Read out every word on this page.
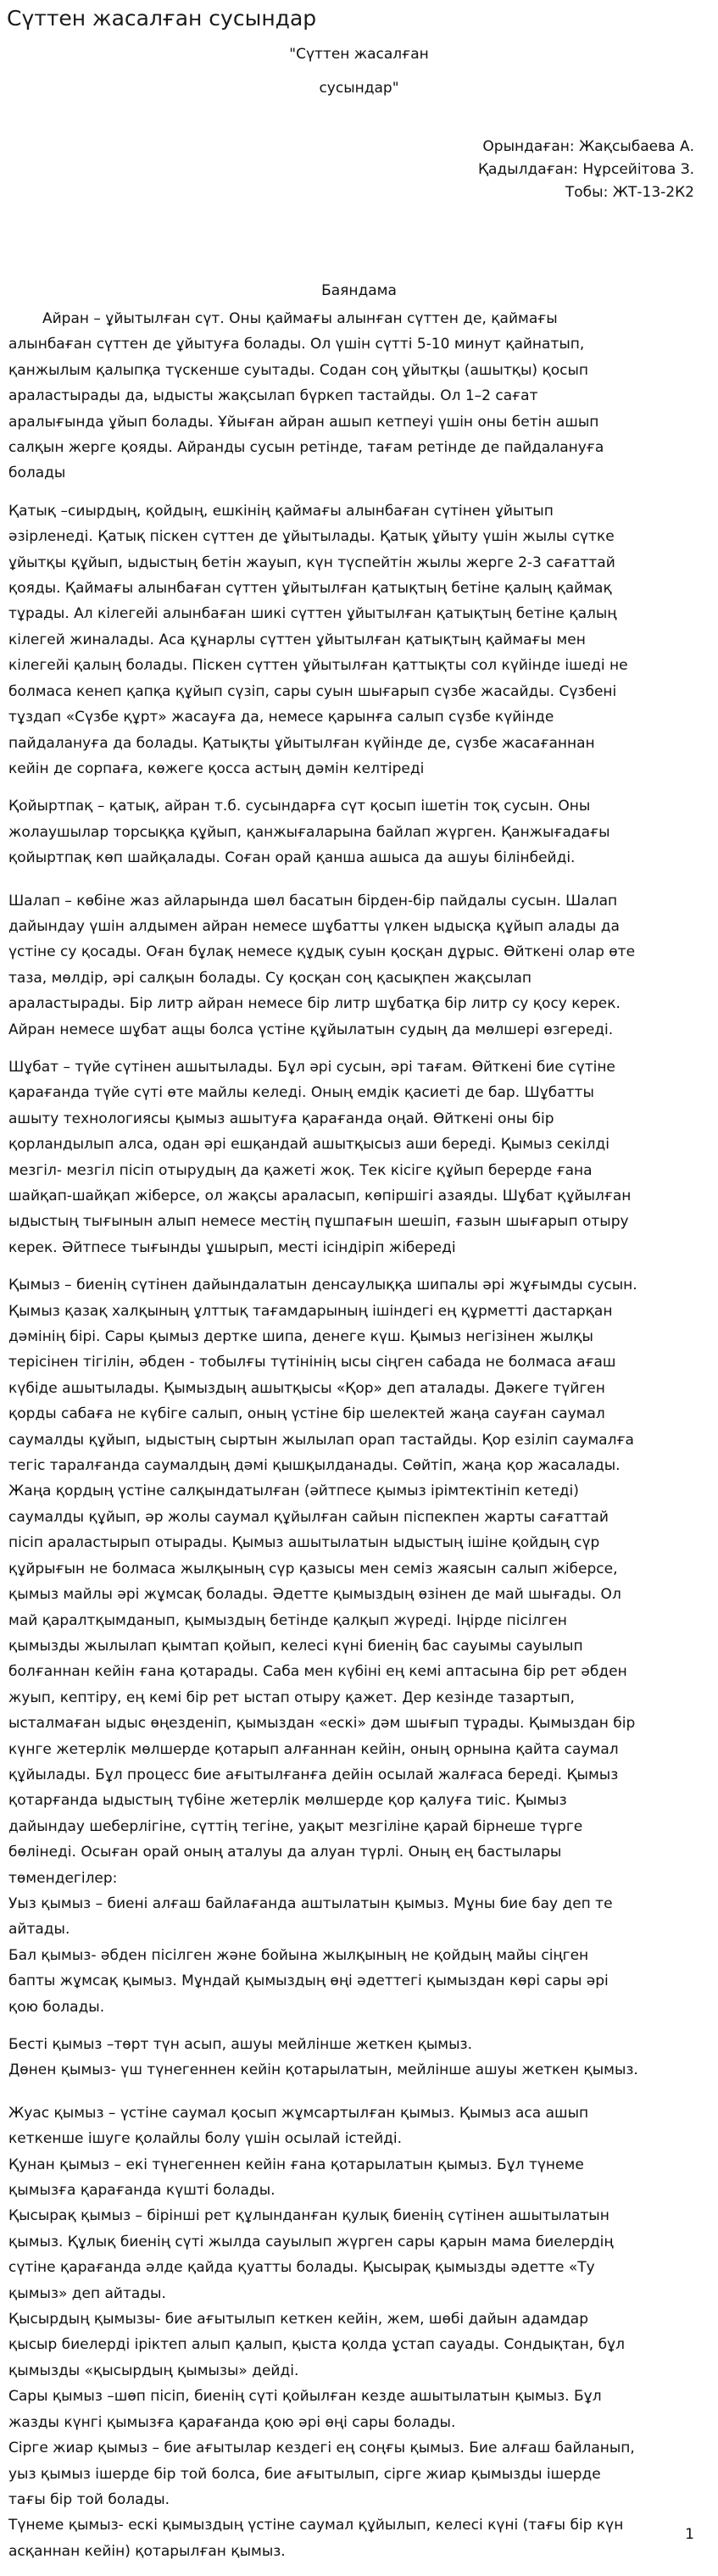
Сүттен жасалған сусындар
"Сүттен жасалған
сусындар"
Орындаған: Жақсыбаева А.
Қадылдаған: Нұрсейітова З.
Тобы: ЖТ-13-2К2
Баяндама

Айран – ұйытылған сүт. Оны қаймағы алынған сүттен де, қаймағы
алынбаған сүттен де ұйытуға болады. Ол үшін сүтті 5-10 минут қайнатып,
қанжылым қалыпқа түскенше суытады. Содан соң ұйытқы (ашытқы) қосып
араластырады да, ыдысты жақсылап бүркеп тастайды. Ол 1–2 сағат
аралығында ұйып болады. Ұйыған айран ашып кетпеуі үшін оны бетін ашып
салқын жерге қояды. Айранды сусын ретінде, тағам ретінде де пайдалануға
болады

Қатық –сиырдың, қойдың, ешкінің қаймағы алынбаған сүтінен ұйытып
әзірленеді. Қатық піскен сүттен де ұйытылады. Қатық ұйыту үшін жылы сүтке
ұйытқы құйып, ыдыстың бетін жауып, күн түспейтін жылы жерге 2-3 сағаттай
қояды. Қаймағы алынбаған сүттен ұйытылған қатықтың бетіне қалың қаймақ
тұрады. Ал кілегейі алынбаған шикі сүттен ұйытылған қатықтың бетіне қалың
кілегей жиналады. Аса құнарлы сүттен ұйытылған қатықтың қаймағы мен
кілегейі қалың болады. Піскен сүттен ұйытылған қаттықты сол күйінде ішеді не
болмаса кенеп қапқа құйып сүзіп, сары суын шығарып сүзбе жасайды. Сүзбені
тұздап «Сүзбе құрт» жасауға да, немесе қарынға салып сүзбе күйінде
пайдалануға да болады. Қатықты ұйытылған күйінде де, сүзбе жасағаннан
кейін де сорпаға, көжеге қосса астың дәмін келтіреді

Қойыртпақ – қатық, айран т.б. сусындарға сүт қосып ішетін тоқ сусын. Оны
жолаушылар торсыққа құйып, қанжығаларына байлап жүрген. Қанжығадағы
қойыртпақ көп шайқалады. Соған орай қанша ашыса да ашуы білінбейді.

Шалап – көбіне жаз айларында шөл басатын бірден-бір пайдалы сусын. Шалап
дайындау үшін алдымен айран немесе шұбатты үлкен ыдысқа құйып алады да
үстіне су қосады. Оған бұлақ немесе құдық суын қосқан дұрыс. Өйткені олар өте
таза, мөлдір, әрі салқын болады. Су қосқан соң қасықпен жақсылап
араластырады. Бір литр айран немесе бір литр шұбатқа бір литр су қосу керек.
Айран немесе шұбат ащы болса үстіне құйылатын судың да мөлшері өзгереді.

Шұбат – түйе сүтінен ашытылады. Бұл әрі сусын, әрі тағам. Өйткені бие сүтіне
қарағанда түйе сүті өте майлы келеді. Оның емдік қасиеті де бар. Шұбатты
ашыту технологиясы қымыз ашытуға қарағанда оңай. Өйткені оны бір
қорландылып алса, одан әрі ешқандай ашытқысыз аши береді. Қымыз секілді
мезгіл- мезгіл пісіп отырудың да қажеті жоқ. Тек кісіге құйып берерде ғана
шайқап-шайқап жіберсе, ол жақсы араласып, көпіршігі азаяды. Шұбат құйылған
ыдыстың тығынын алып немесе местің пұшпағын шешіп, ғазын шығарып отыру
керек. Әйтпесе тығынды ұшырып, месті ісіндіріп жібереді

Қымыз – биенің сүтінен дайындалатын денсаулыққа шипалы әрі жұғымды сусын.
Қымыз қазақ халқының ұлттық тағамдарының ішіндегі ең құрметті дастарқан
дәмінің бірі. Сары қымыз дертке шипа, денеге күш. Қымыз негізінен жылқы
терісінен тігілін, әбден - тобылғы түтінінің ысы сіңген сабада не болмаса ағаш
күбіде ашытылады. Қымыздың ашытқысы «Қор» деп аталады. Дәкеге түйген
қорды сабаға не күбіге салып, оның үстіне бір шелектей жаңа сауған саумал
саумалды құйып, ыдыстың сыртын жылылап орап тастайды. Қор езіліп саумалға
тегіс таралғанда саумалдың дәмі қышқылданады. Сөйтіп, жаңа қор жасалады.
Жаңа қордың үстіне салқындатылған (әйтпесе қымыз ірімтектініп кетеді)
саумалды құйып, әр жолы саумал құйылған сайын піспекпен жарты сағаттай
пісіп араластырып отырады. Қымыз ашытылатын ыдыстың ішіне қойдың сүр
құйрығын не болмаса жылқының сүр қазысы мен семіз жаясын салып жіберсе,
қымыз майлы әрі жұмсақ болады. Әдетте қымыздың өзінен де май шығады. Ол
май қаралтқымданып, қымыздың бетінде қалқып жүреді. Іңірде пісілген
қымызды жылылап қымтап қойып, келесі күні биенің бас сауымы сауылып
болғаннан кейін ғана қотарады. Саба мен күбіні ең кемі аптасына бір рет әбден
жуып, кептіру, ең кемі бір рет ыстап отыру қажет. Дер кезінде тазартып,
ысталмаған ыдыс өңезденіп, қымыздан «ескі» дәм шығып тұрады. Қымыздан бір
күнге жетерлік мөлшерде қотарып алғаннан кейін, оның орнына қайта саумал
құйылады. Бұл процесс бие ағытылғанға дейін осылай жалғаса береді. Қымыз
қотарғанда ыдыстың түбіне жетерлік мөлшерде қор қалуға тиіс. Қымыз
дайындау шеберлігіне, сүттің тегіне, уақыт мезгіліне қарай бірнеше түрге
бөлінеді. Осыған орай оның аталуы да алуан түрлі. Оның ең бастылары
төмендегілер:
Уыз қымыз – биені алғаш байлағанда аштылатын қымыз. Мұны бие бау деп те
айтады.
Бал қымыз- әбден пісілген және бойына жылқының не қойдың майы сіңген
бапты жұмсақ қымыз. Мұндай қымыздың өңі әдеттегі қымыздан көрі сары әрі
қою болады.

Бесті қымыз –төрт түн асып, ашуы мейлінше жеткен қымыз.
Дөнен қымыз- үш түнегеннен кейін қотарылатын, мейлінше ашуы жеткен қымыз.

Жуас қымыз – үстіне саумал қосып жұмсартылған қымыз. Қымыз аса ашып
кеткенше ішуге қолайлы болу үшін осылай істейді.
Қунан қымыз – екі түнегеннен кейін ғана қотарылатын қымыз. Бұл түнеме
қымызға қарағанда күшті болады.
Қысырақ қымыз – бірінші рет құлынданған қулық биенің сүтінен ашытылатын
қымыз. Құлық биенің сүті жылда сауылып жүрген сары қарын мама биелердің
сүтіне қарағанда әлде қайда қуатты болады. Қысырақ қымызды әдетте «Ту
қымыз» деп айтады.
Қысырдың қымызы- бие ағытылып кеткен кейін, жем, шөбі дайын адамдар
қысыр биелерді іріктеп алып қалып, қыста қолда ұстап сауады. Сондықтан, бұл
қымызды «қысырдың қымызы» дейді.
Сары қымыз –шөп пісіп, биенің сүті қойылған кезде ашытылатын қымыз. Бұл
жазды күнгі қымызға қарағанда қою әрі өңі сары болады.
Сірге жиар қымыз – бие ағытылар кездегі ең соңғы қымыз. Бие алғаш байланып,
уыз қымыз ішерде бір той болса, бие ағытылып, сірге жиар қымызды ішерде
тағы бір той болады.
Түнеме қымыз- ескі қымыздың үстіне саумал құйылып, келесі күні (тағы бір күн
асқаннан кейін) қотарылған қымыз.

1
